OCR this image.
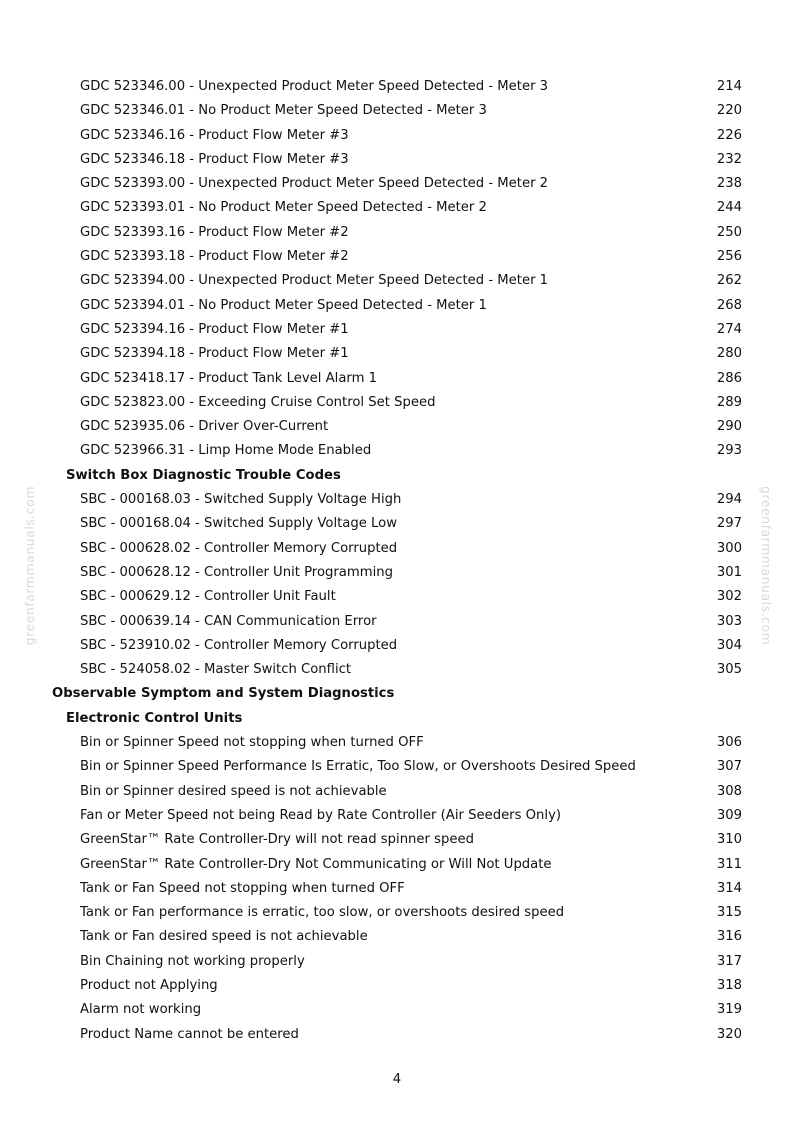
greenfarmmanuals.com	greenfarmmanuals.com
GDC 523346.00 - Unexpected Product Meter Speed Detected - Meter 3	214
GDC 523346.01 - No Product Meter Speed Detected - Meter 3	220
GDC 523346.16 - Product Flow Meter #3	226
GDC 523346.18 - Product Flow Meter #3	232
GDC 523393.00 - Unexpected Product Meter Speed Detected - Meter 2	238
GDC 523393.01 - No Product Meter Speed Detected - Meter 2	244
GDC 523393.16 - Product Flow Meter #2	250
GDC 523393.18 - Product Flow Meter #2	256
GDC 523394.00 - Unexpected Product Meter Speed Detected - Meter 1	262
GDC 523394.01 - No Product Meter Speed Detected - Meter 1	268
GDC 523394.16 - Product Flow Meter #1	274
GDC 523394.18 - Product Flow Meter #1	280
GDC 523418.17 - Product Tank Level Alarm 1	286
GDC 523823.00 - Exceeding Cruise Control Set Speed	289
GDC 523935.06 - Driver Over-Current	290
GDC 523966.31 - Limp Home Mode Enabled	293
Switch Box Diagnostic Trouble Codes
SBC - 000168.03 - Switched Supply Voltage High	294
SBC - 000168.04 - Switched Supply Voltage Low	297
SBC - 000628.02 - Controller Memory Corrupted	300
SBC - 000628.12 - Controller Unit Programming	301
SBC - 000629.12 - Controller Unit Fault	302
SBC - 000639.14 - CAN Communication Error	303
SBC - 523910.02 - Controller Memory Corrupted	304
SBC - 524058.02 - Master Switch Conflict	305
Observable Symptom and System Diagnostics
Electronic Control Units
Bin or Spinner Speed not stopping when turned OFF	306
Bin or Spinner Speed Performance Is Erratic, Too Slow, or Overshoots Desired Speed	307
Bin or Spinner desired speed is not achievable	308
Fan or Meter Speed not being Read by Rate Controller (Air Seeders Only)	309
GreenStar™ Rate Controller-Dry will not read spinner speed	310
GreenStar™ Rate Controller-Dry Not Communicating or Will Not Update	311
Tank or Fan Speed not stopping when turned OFF	314
Tank or Fan performance is erratic, too slow, or overshoots desired speed	315
Tank or Fan desired speed is not achievable	316
Bin Chaining not working properly	317
Product not Applying	318
Alarm not working	319
Product Name cannot be entered	320
4
